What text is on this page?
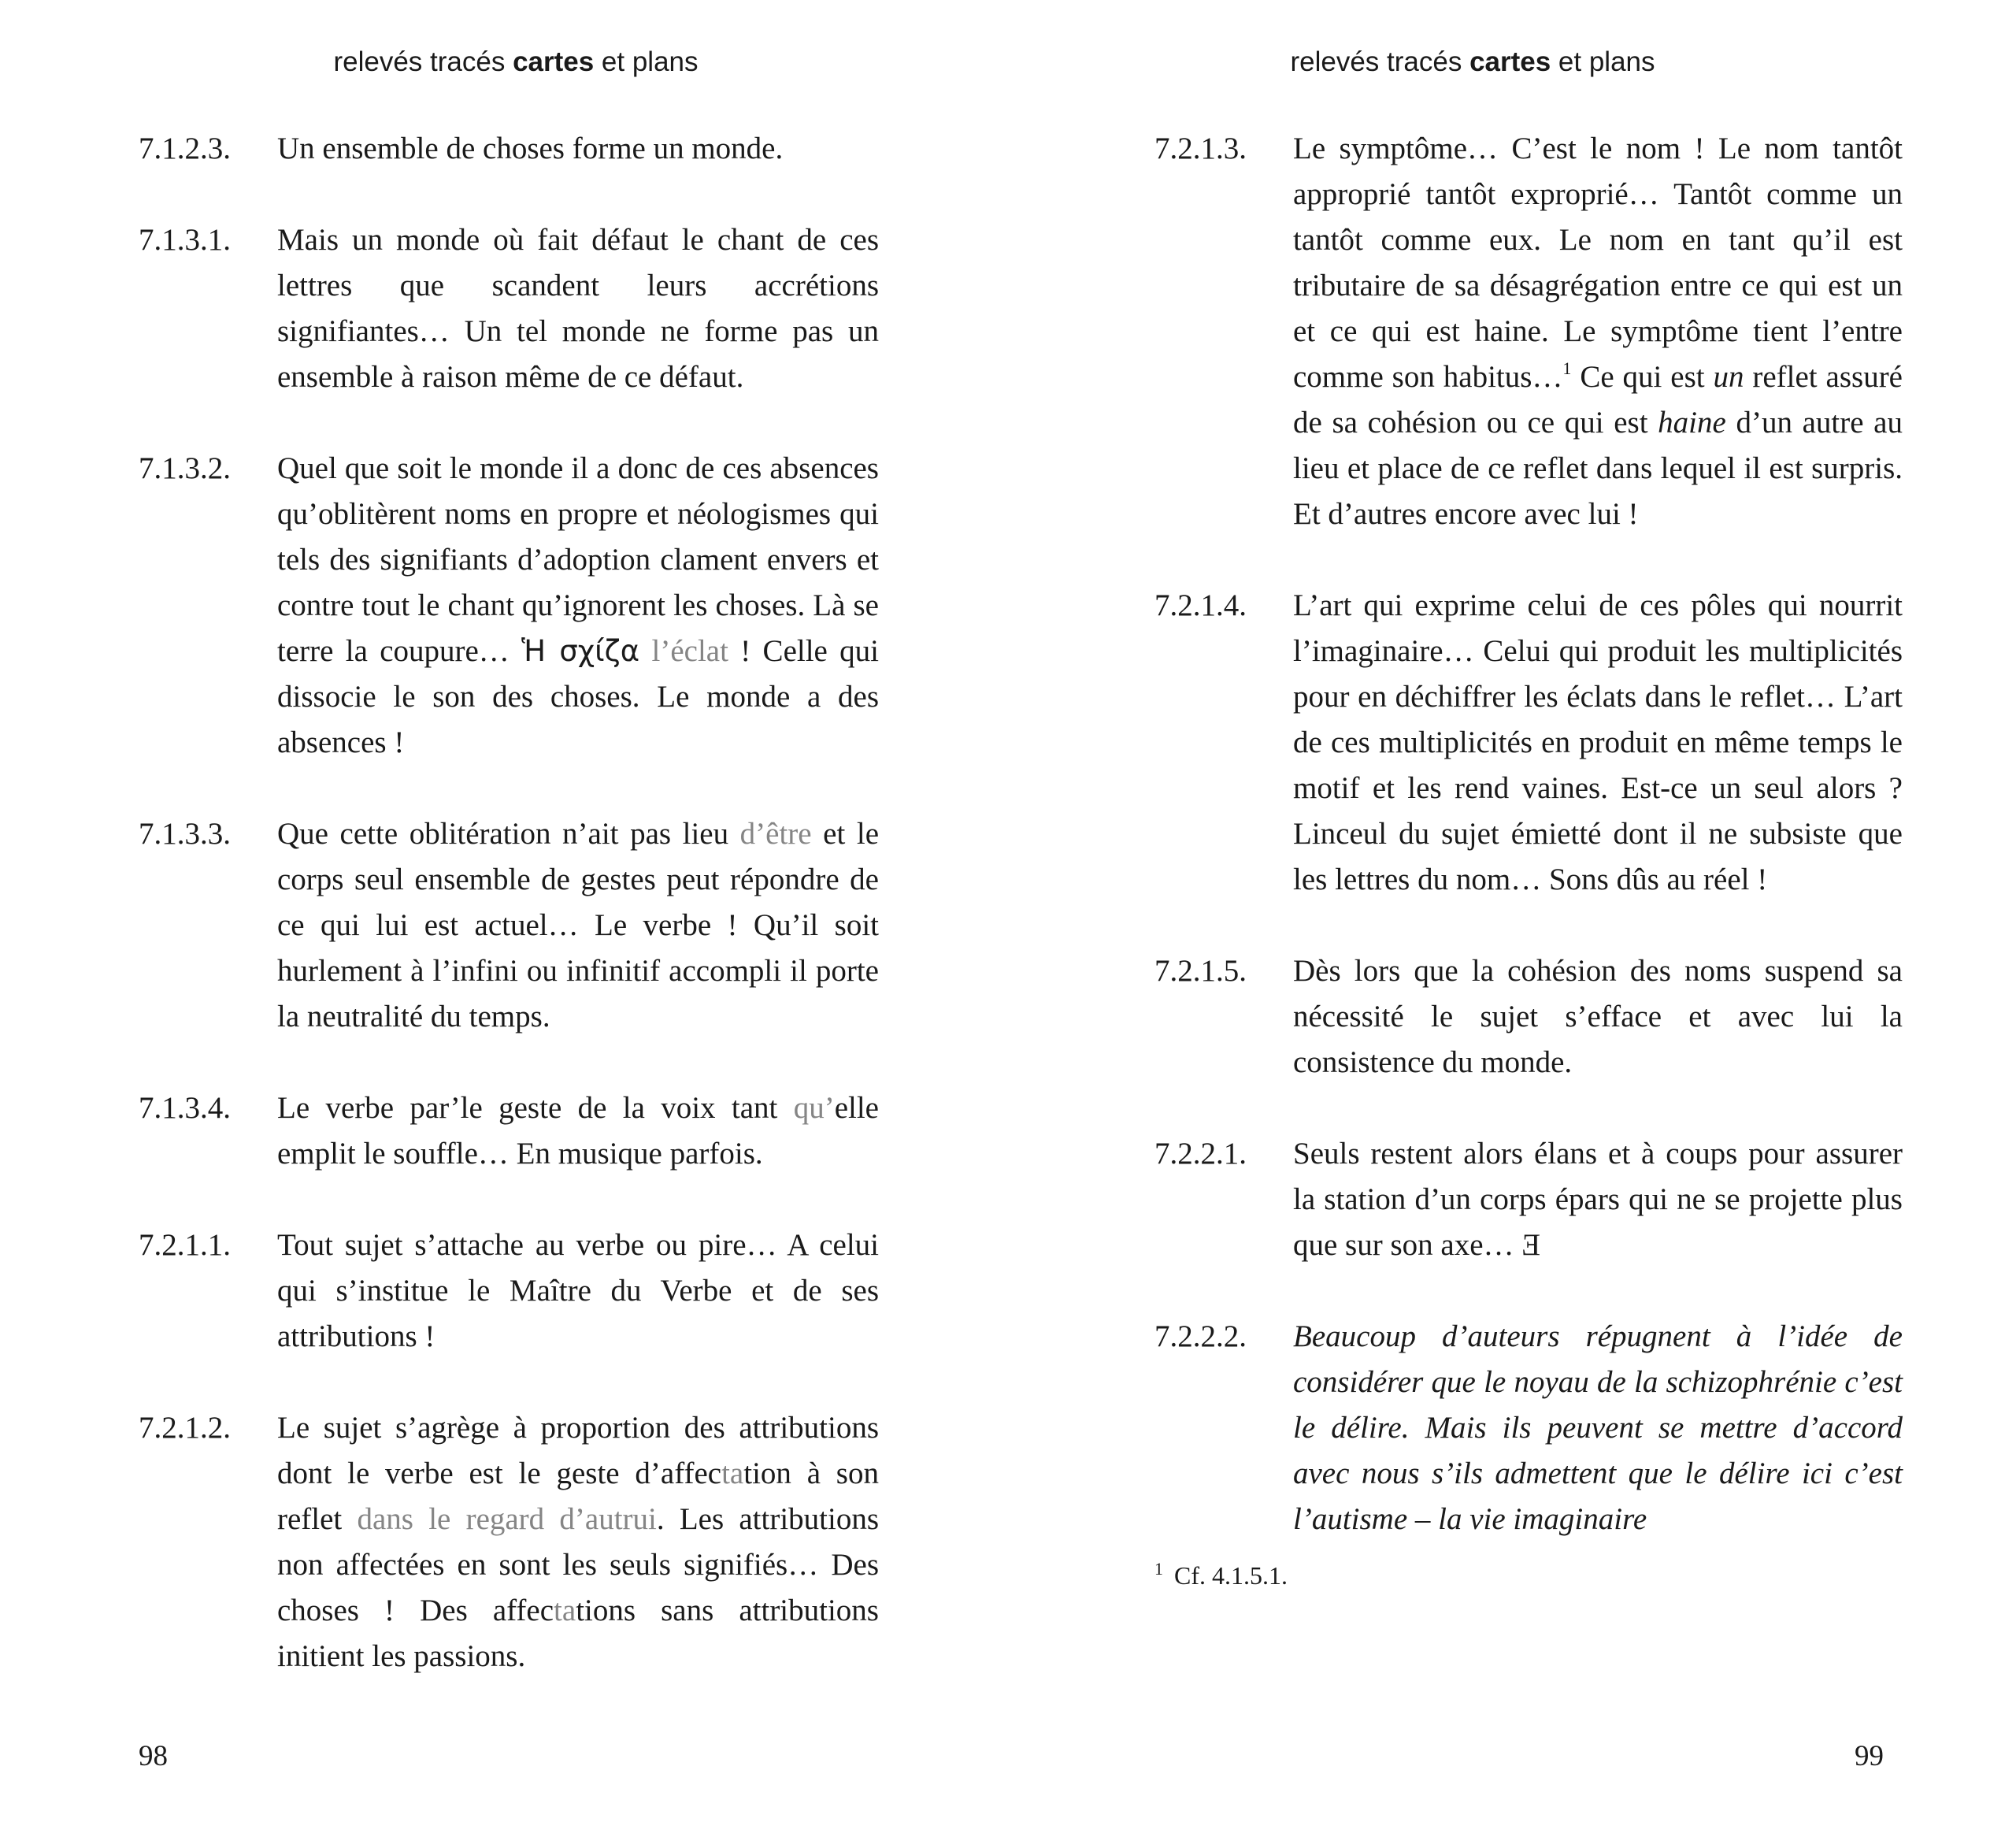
relevés tracés cartes et plans
7.1.2.3.	Un ensemble de choses forme un monde.
7.1.3.1.	Mais un monde où fait défaut le chant de ces lettres que scandent leurs accrétions signifiantes… Un tel monde ne forme pas un ensemble à raison même de ce défaut.
7.1.3.2.	Quel que soit le monde il a donc de ces absences qu’oblitèrent noms en propre et néologismes qui tels des signifiants d’adoption clament envers et contre tout le chant qu’ignorent les choses. Là se terre la coupure… Ἡ σχίζα l’éclat ! Celle qui dissocie le son des choses. Le monde a des absences !
7.1.3.3.	Que cette oblitération n’ait pas lieu d’être et le corps seul ensemble de gestes peut répondre de ce qui lui est actuel… Le verbe ! Qu’il soit hurlement à l’infini ou infinitif accompli il porte la neutralité du temps.
7.1.3.4.	Le verbe par’le geste de la voix tant qu’elle emplit le souffle… En musique parfois.
7.2.1.1.	Tout sujet s’attache au verbe ou pire… A celui qui s’institue le Maître du Verbe et de ses attributions !
7.2.1.2.	Le sujet s’agrège à proportion des attributions dont le verbe est le geste d’affectation à son reflet dans le regard d’autrui. Les attributions non affectées en sont les seuls signifiés… Des choses ! Des affectations sans attributions initient les passions.
98
relevés tracés cartes et plans
7.2.1.3.	Le symptôme… C’est le nom ! Le nom tantôt approprié tantôt exproprié… Tantôt comme un tantôt comme eux. Le nom en tant qu’il est tributaire de sa désagrégation entre ce qui est un et ce qui est haine. Le symptôme tient l’entre comme son habitus…$^1$ Ce qui est un reflet assuré de sa cohésion ou ce qui est haine d’un autre au lieu et place de ce reflet dans lequel il est surpris. Et d’autres encore avec lui !
7.2.1.4.	L’art qui exprime celui de ces pôles qui nourrit l’imaginaire… Celui qui produit les multiplicités pour en déchiffrer les éclats dans le reflet… L’art de ces multiplicités en produit en même temps le motif et les rend vaines. Est-ce un seul alors ? Linceul du sujet émietté dont il ne subsiste que les lettres du nom… Sons dûs au réel !
7.2.1.5.	Dès lors que la cohésion des noms suspend sa nécessité le sujet s’efface et avec lui la consistence du monde.
7.2.2.1.	Seuls restent alors élans et à coups pour assurer la station d’un corps épars qui ne se projette plus que sur son axe… Ǝ
7.2.2.2.	Beaucoup d’auteurs répugnent à l’idée de considérer que le noyau de la schizophrénie c’est le délire. Mais ils peuvent se mettre d’accord avec nous s’ils admettent que le délire ici c’est l’autisme – la vie imaginaire
$^1$ Cf. 4.1.5.1.
99
